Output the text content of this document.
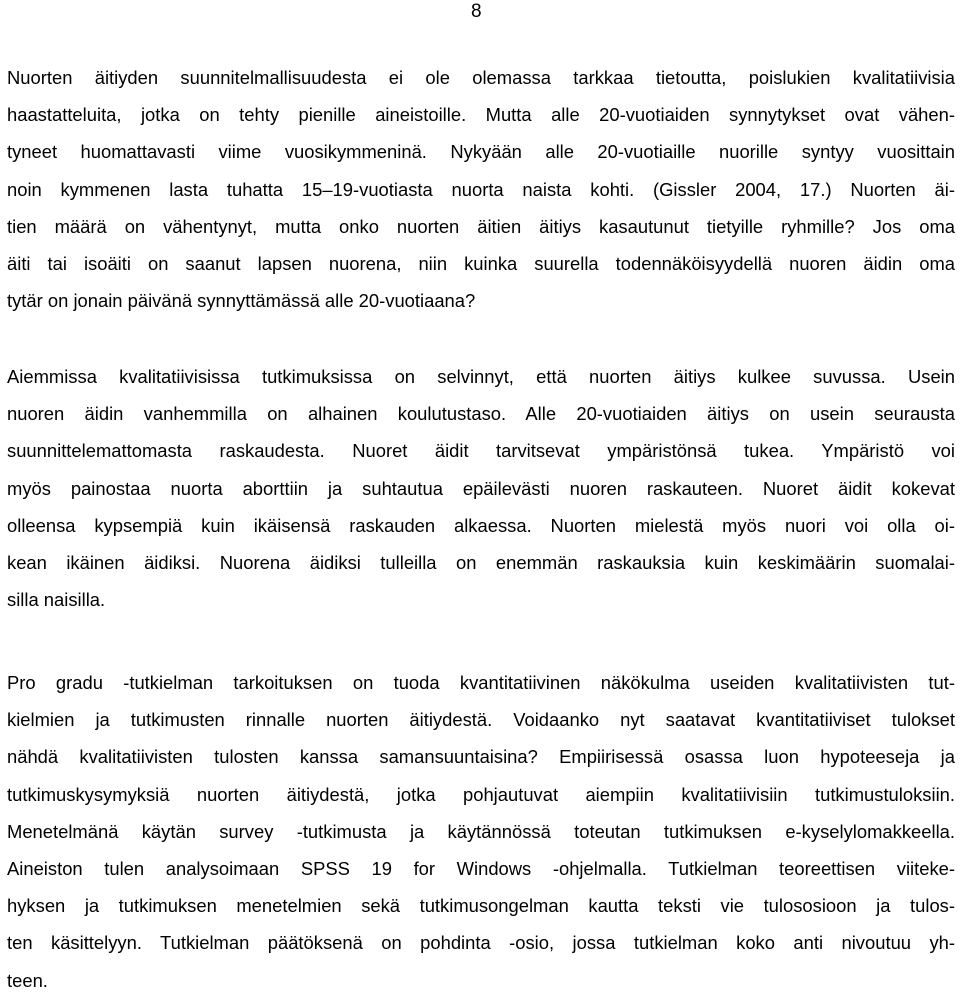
8
Nuorten äitiyden suunnitelmallisuudesta ei ole olemassa tarkkaa tietoutta, poislukien kvalitatiivisia
haastatteluita, jotka on tehty pienille aineistoille. Mutta alle 20-vuotiaiden synnytykset ovat vähen-
tyneet huomattavasti viime vuosikymmeninä. Nykyään alle 20-vuotiaille nuorille syntyy vuosittain
noin kymmenen lasta tuhatta 15–19-vuotiasta nuorta naista kohti. (Gissler 2004, 17.) Nuorten äi-
tien määrä on vähentynyt, mutta onko nuorten äitien äitiys kasautunut tietyille ryhmille? Jos oma
äiti tai isoäiti on saanut lapsen nuorena, niin kuinka suurella todennäköisyydellä nuoren äidin oma
tytär on jonain päivänä synnyttämässä alle 20-vuotiaana?
Aiemmissa kvalitatiivisissa tutkimuksissa on selvinnyt, että nuorten äitiys kulkee suvussa. Usein
nuoren äidin vanhemmilla on alhainen koulutustaso. Alle 20-vuotiaiden äitiys on usein seurausta
suunnittelemattomasta raskaudesta. Nuoret äidit tarvitsevat ympäristönsä tukea. Ympäristö voi
myös painostaa nuorta aborttiin ja suhtautua epäilevästi nuoren raskauteen. Nuoret äidit kokevat
olleensa kypsempiä kuin ikäisensä raskauden alkaessa. Nuorten mielestä myös nuori voi olla oi-
kean ikäinen äidiksi. Nuorena äidiksi tulleilla on enemmän raskauksia kuin keskimäärin suomalai-
silla naisilla.
Pro gradu -tutkielman tarkoituksen on tuoda kvantitatiivinen näkökulma useiden kvalitatiivisten tut-
kielmien ja tutkimusten rinnalle nuorten äitiydestä. Voidaanko nyt saatavat kvantitatiiviset tulokset
nähdä kvalitatiivisten tulosten kanssa samansuuntaisina? Empiirisessä osassa luon hypoteeseja ja
tutkimuskysymyksiä nuorten äitiydestä, jotka pohjautuvat aiempiin kvalitatiivisiin tutkimustuloksiin.
Menetelmänä käytän survey -tutkimusta ja käytännössä toteutan tutkimuksen e-kyselylomakkeella.
Aineiston tulen analysoimaan SPSS 19 for Windows -ohjelmalla. Tutkielman teoreettisen viiteke-
hyksen ja tutkimuksen menetelmien sekä tutkimusongelman kautta teksti vie tulososioon ja tulos-
ten käsittelyyn. Tutkielman päätöksenä on pohdinta -osio, jossa tutkielman koko anti nivoutuu yh-
teen.
